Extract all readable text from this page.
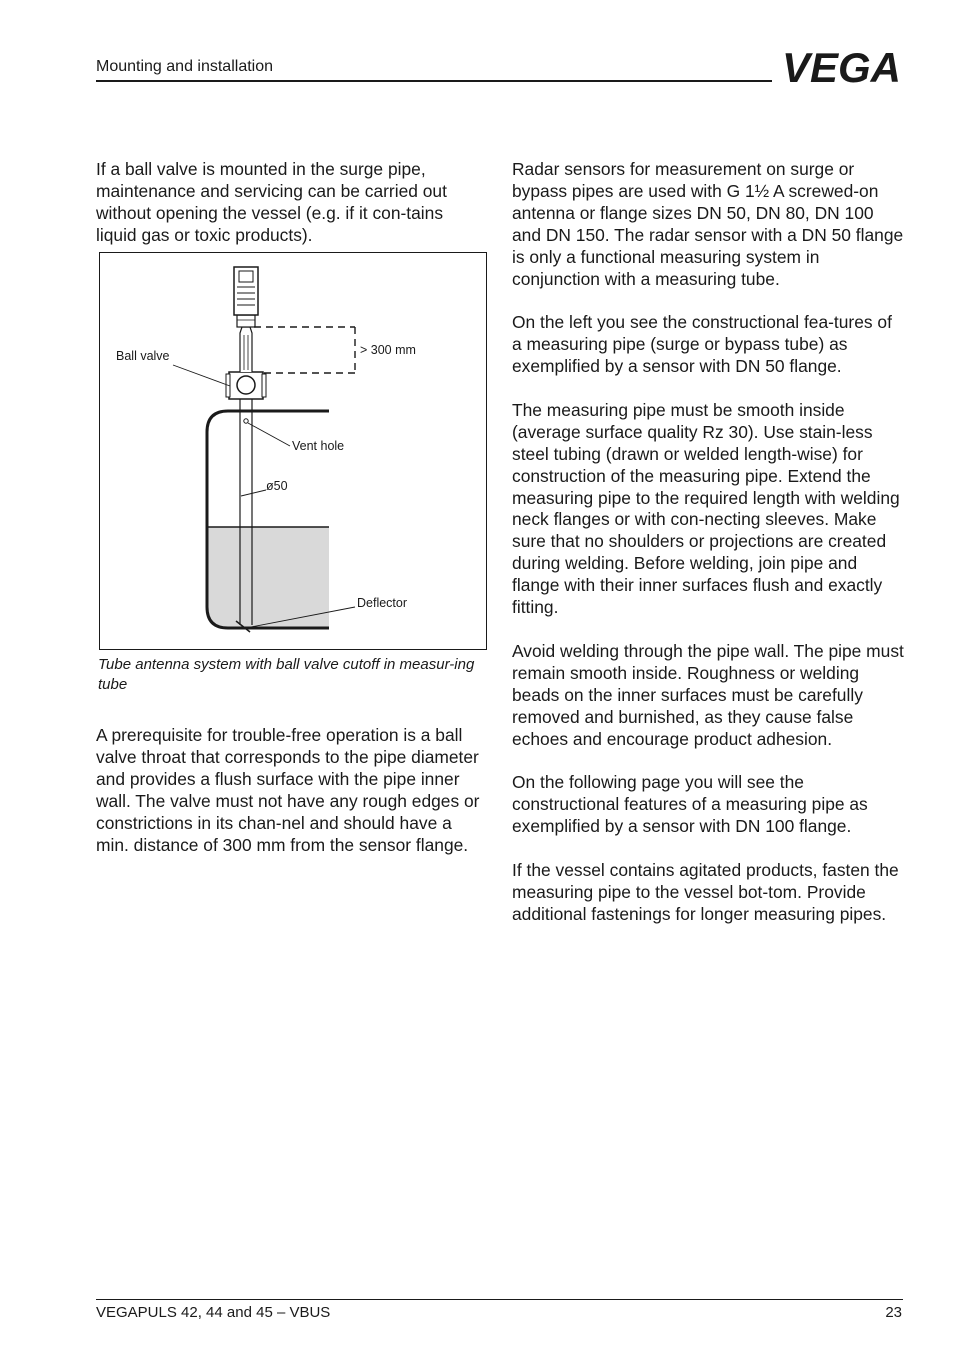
Mounting and installation	VEGA

If a ball valve is mounted in the surge pipe, maintenance and servicing can be carried out without opening the vessel (e.g. if it con-tains liquid gas or toxic products).

Ball valve	> 300 mm
Vent hole
ø50
Deflector
Tube antenna system with ball valve cutoff in measur-ing tube

A prerequisite for trouble-free operation is a ball valve throat that corresponds to the pipe diameter and provides a flush surface with the pipe inner wall. The valve must not have any rough edges or constrictions in its chan-nel and should have a min. distance of 300 mm from the sensor flange.

Radar sensors for measurement on surge or bypass pipes are used with G 1½ A screwed-on antenna or flange sizes DN 50, DN 80, DN 100 and DN 150. The radar sensor with a DN 50 flange is only a functional measuring system in conjunction with a measuring tube.

On the left you see the constructional fea-tures of a measuring pipe (surge or bypass tube) as exemplified by a sensor with DN 50 flange.

The measuring pipe must be smooth inside (average surface quality Rz 30). Use stain-less steel tubing (drawn or welded length-wise) for construction of the measuring pipe. Extend the measuring pipe to the required length with welding neck flanges or with con-necting sleeves. Make sure that no shoulders or projections are created during welding. Before welding, join pipe and flange with their inner surfaces flush and exactly fitting.

Avoid welding through the pipe wall. The pipe must remain smooth inside. Roughness or welding beads on the inner surfaces must be carefully removed and burnished, as they cause false echoes and encourage product adhesion.

On the following page you will see the constructional features of a measuring pipe as exemplified by a sensor with DN 100 flange.

If the vessel contains agitated products, fasten the measuring pipe to the vessel bot-tom. Provide additional fastenings for longer measuring pipes.

VEGAPULS 42, 44 and 45 – VBUS	23
